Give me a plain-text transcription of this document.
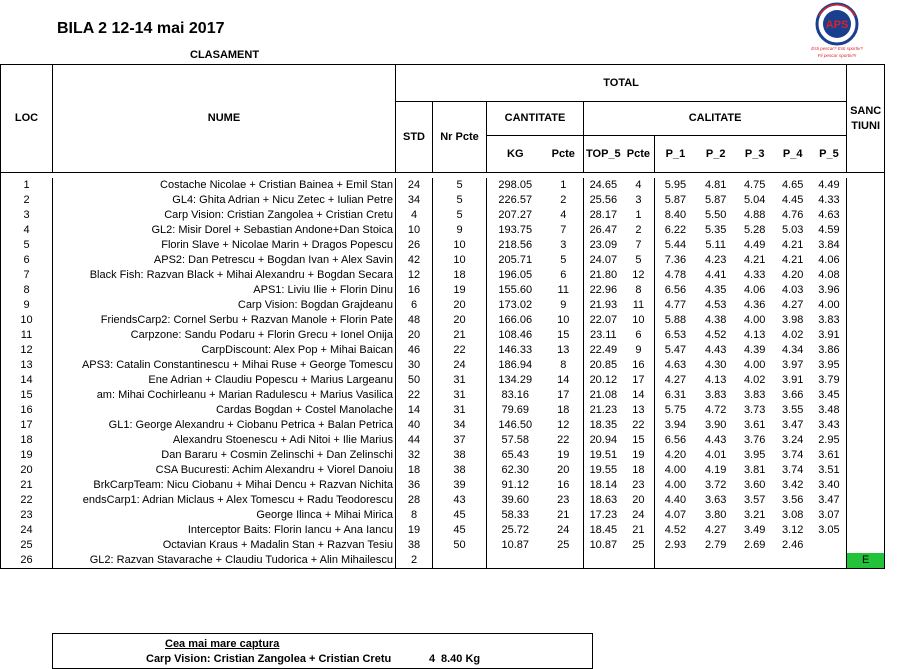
BILA 2 12-14 mai 2017
CLASAMENT
APS
Esti pescar? Esti sportiv?
Fii pescar sportiv!!!
LOC	NUME	TOTAL											SANC
TIUNI

		STD	Nr Pcte	CANTITATE		CALITATE							
				KG	Pcte	TOP_5	Pcte	P_1	P_2	P_3	P_4	P_5	

1	Costache Nicolae + Cristian Bainea + Emil Stan	24	5	298.05	1	24.65	4	5.95	4.81	4.75	4.65	4.49	
2	GL4: Ghita Adrian + Nicu Zetec + Iulian Petre	34	5	226.57	2	25.56	3	5.87	5.87	5.04	4.45	4.33	
3	Carp Vision: Cristian Zangolea + Cristian Cretu	4	5	207.27	4	28.17	1	8.40	5.50	4.88	4.76	4.63	
4	GL2: Misir Dorel + Sebastian Andone+Dan Stoica	10	9	193.75	7	26.47	2	6.22	5.35	5.28	5.03	4.59	
5	Florin Slave + Nicolae Marin + Dragos Popescu	26	10	218.56	3	23.09	7	5.44	5.11	4.49	4.21	3.84	
6	APS2: Dan Petrescu + Bogdan Ivan + Alex Savin	42	10	205.71	5	24.07	5	7.36	4.23	4.21	4.21	4.06	
7	Black Fish: Razvan Black + Mihai Alexandru + Bogdan Secara	12	18	196.05	6	21.80	12	4.78	4.41	4.33	4.20	4.08	
8	APS1: Liviu Ilie + Florin Dinu	16	19	155.60	11	22.96	8	6.56	4.35	4.06	4.03	3.96	
9	Carp Vision: Bogdan Grajdeanu	6	20	173.02	9	21.93	11	4.77	4.53	4.36	4.27	4.00	
10	FriendsCarp2: Cornel Serbu + Razvan Manole + Florin Pate	48	20	166.06	10	22.07	10	5.88	4.38	4.00	3.98	3.83	
11	Carpzone: Sandu Podaru + Florin Grecu + Ionel Onija	20	21	108.46	15	23.11	6	6.53	4.52	4.13	4.02	3.91	
12	CarpDiscount: Alex Pop + Mihai Baican	46	22	146.33	13	22.49	9	5.47	4.43	4.39	4.34	3.86	
13	APS3: Catalin Constantinescu + Mihai Ruse + George Tomescu	30	24	186.94	8	20.85	16	4.63	4.30	4.00	3.97	3.95	
14	Ene Adrian + Claudiu Popescu + Marius Largeanu	50	31	134.29	14	20.12	17	4.27	4.13	4.02	3.91	3.79	
15	am: Mihai Cochirleanu + Marian Radulescu + Marius Vasilica	22	31	83.16	17	21.08	14	6.31	3.83	3.83	3.66	3.45	
16	Cardas Bogdan + Costel Manolache	14	31	79.69	18	21.23	13	5.75	4.72	3.73	3.55	3.48	
17	GL1: George Alexandru + Ciobanu Petrica + Balan Petrica	40	34	146.50	12	18.35	22	3.94	3.90	3.61	3.47	3.43	
18	Alexandru Stoenescu + Adi Nitoi + Ilie Marius	44	37	57.58	22	20.94	15	6.56	4.43	3.76	3.24	2.95	
19	Dan Bararu + Cosmin Zelinschi + Dan Zelinschi	32	38	65.43	19	19.51	19	4.20	4.01	3.95	3.74	3.61	
20	CSA Bucuresti: Achim Alexandru + Viorel Danoiu	18	38	62.30	20	19.55	18	4.00	4.19	3.81	3.74	3.51	
21	BrkCarpTeam: Nicu Ciobanu + Mihai Dencu + Razvan Nichita	36	39	91.12	16	18.14	23	4.00	3.72	3.60	3.42	3.40	
22	endsCarp1: Adrian Miclaus + Alex Tomescu + Radu Teodorescu	28	43	39.60	23	18.63	20	4.40	3.63	3.57	3.56	3.47	
23	George Ilinca + Mihai Mirica	8	45	58.33	21	17.23	24	4.07	3.80	3.21	3.08	3.07	
24	Interceptor Baits: Florin Iancu + Ana Iancu	19	45	25.72	24	18.45	21	4.52	4.27	3.49	3.12	3.05	
25	Octavian Kraus + Madalin Stan + Razvan Tesiu	38	50	10.87	25	10.87	25	2.93	2.79	2.69	2.46		
26	GL2: Razvan Stavarache + Claudiu Tudorica + Alin Mihailescu	2											E
Cea mai mare captura
Carp Vision: Cristian Zangolea + Cristian Cretu	4 8.40 Kg
